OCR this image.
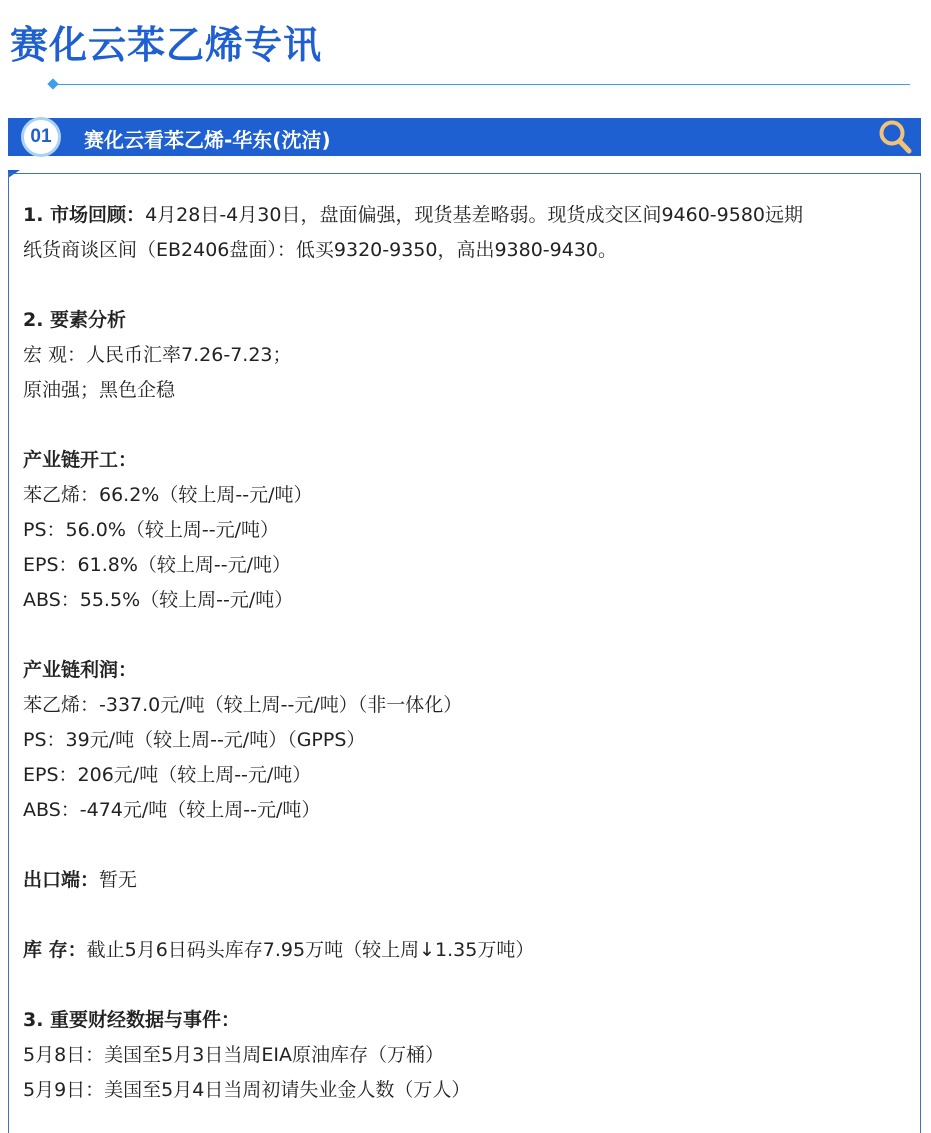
赛化云苯乙烯专讯
01	赛化云看苯乙烯-华东(沈洁)

1. 市场回顾：4月28日-4月30日，盘面偏强，现货基差略弱。现货成交区间9460-9580远期

纸货商谈区间（EB2406盘面）：低买9320-9350，高出9380-9430。

2. 要素分析

宏 观：人民币汇率7.26-7.23；

原油强；黑色企稳

产业链开工：

苯乙烯：66.2%（较上周--元/吨）

PS：56.0%（较上周--元/吨）

EPS：61.8%（较上周--元/吨）

ABS：55.5%（较上周--元/吨）

产业链利润：

苯乙烯：-337.0元/吨（较上周--元/吨）（非一体化）

PS：39元/吨（较上周--元/吨）（GPPS）

EPS：206元/吨（较上周--元/吨）

ABS：-474元/吨（较上周--元/吨）

出口端：暂无

库 存：截止5月6日码头库存7.95万吨（较上周↓1.35万吨）

3. 重要财经数据与事件：

5月8日：美国至5月3日当周EIA原油库存（万桶）

5月9日：美国至5月4日当周初请失业金人数（万人）
